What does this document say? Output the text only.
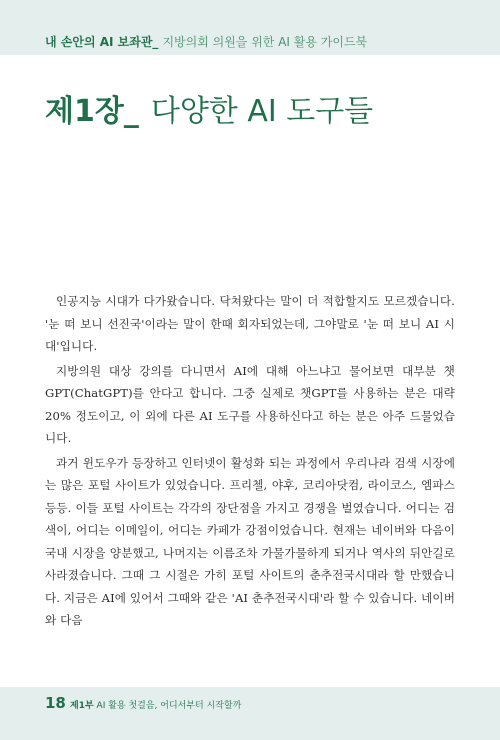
내 손안의 AI 보좌관_ 지방의회 의원을 위한 AI 활용 가이드북
제1장_ 다양한 AI 도구들

인공지능 시대가 다가왔습니다. 닥쳐왔다는 말이 더 적합할지도 모르겠습니다. '눈 떠 보니 선진국'이라는 말이 한때 회자되었는데, 그야말로 '눈 떠 보니 AI 시대'입니다.

지방의원 대상 강의를 다니면서 AI에 대해 아느냐고 물어보면 대부분 챗GPT(ChatGPT)를 안다고 합니다. 그중 실제로 챗GPT를 사용하는 분은 대략 20% 정도이고, 이 외에 다른 AI 도구를 사용하신다고 하는 분은 아주 드물었습니다.

과거 윈도우가 등장하고 인터넷이 활성화 되는 과정에서 우리나라 검색 시장에는 많은 포털 사이트가 있었습니다. 프리첼, 야후, 코리아닷컴, 라이코스, 엠파스 등등. 이들 포털 사이트는 각각의 장단점을 가지고 경쟁을 벌였습니다. 어디는 검색이, 어디는 이메일이, 어디는 카페가 강점이었습니다. 현재는 네이버와 다음이 국내 시장을 양분했고, 나머지는 이름조차 가물가물하게 되거나 역사의 뒤안길로 사라졌습니다. 그때 그 시절은 가히 포털 사이트의 춘추전국시대라 할 만했습니다. 지금은 AI에 있어서 그때와 같은 'AI 춘추전국시대'라 할 수 있습니다. 네이버와 다음

18 제1부 AI 활용 첫걸음, 어디서부터 시작할까
